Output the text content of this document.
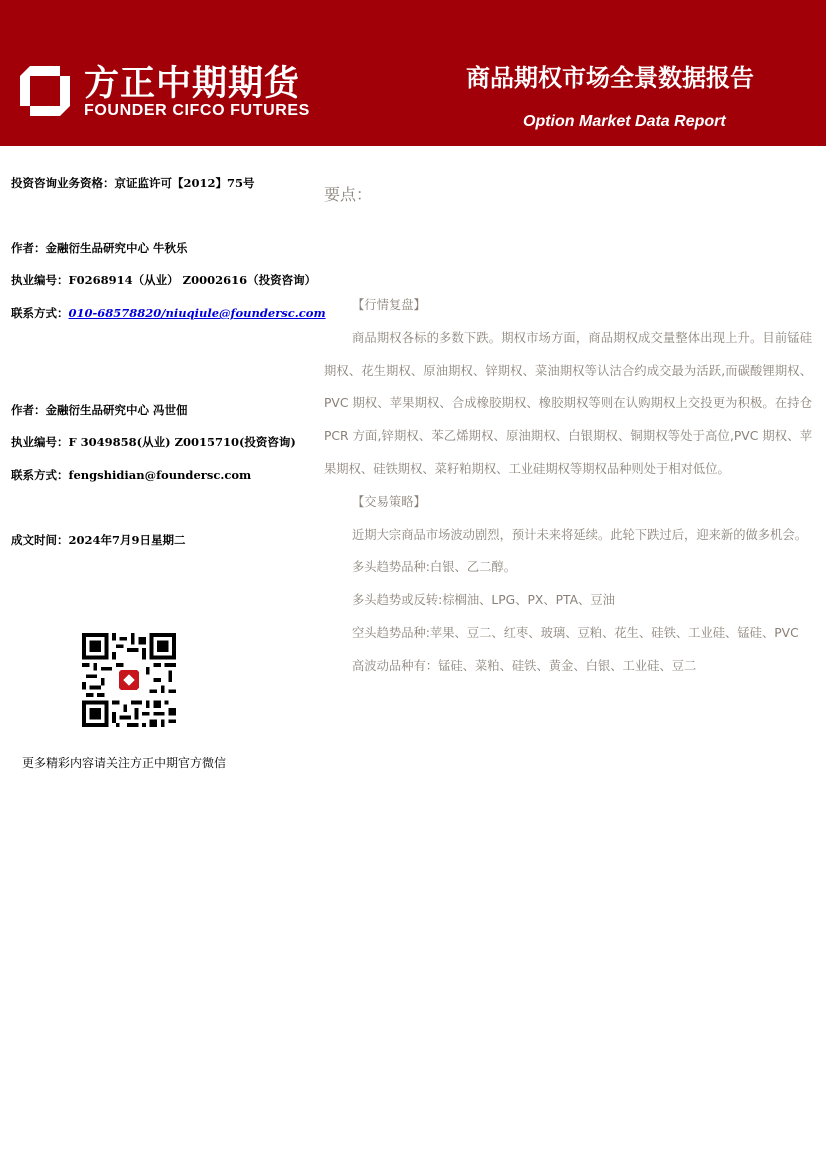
方正中期期货
FOUNDER CIFCO FUTURES
商品期权市场全景数据报告
Option Market Data Report
投资咨询业务资格：京证监许可【2012】75号
作者：金融衍生品研究中心 牛秋乐
执业编号：F0268914（从业） Z0002616（投资咨询）
联系方式：010-68578820/niuqiule@foundersc.com
作者：金融衍生品研究中心 冯世佃
执业编号：F 3049858(从业) Z0015710(投资咨询)
联系方式：fengshidian@foundersc.com
成文时间：2024年7月9日星期二
更多精彩内容请关注方正中期官方微信
要点：

【行情复盘】

商品期权各标的多数下跌。期权市场方面，商品期权成交量整体出现上升。目前锰硅期权、花生期权、原油期权、锌期权、菜油期权等认沽合约成交最为活跃,而碳酸锂期权、PVC 期权、苹果期权、合成橡胶期权、橡胶期权等则在认购期权上交投更为积极。在持仓 PCR 方面,锌期权、苯乙烯期权、原油期权、白银期权、铜期权等处于高位,PVC 期权、苹果期权、硅铁期权、菜籽粕期权、工业硅期权等期权品种则处于相对低位。

【交易策略】

近期大宗商品市场波动剧烈，预计未来将延续。此轮下跌过后，迎来新的做多机会。

多头趋势品种:白银、乙二醇。

多头趋势或反转:棕榈油、LPG、PX、PTA、豆油

空头趋势品种:苹果、豆二、红枣、玻璃、豆粕、花生、硅铁、工业硅、锰硅、PVC

高波动品种有：锰硅、菜粕、硅铁、黄金、白银、工业硅、豆二
